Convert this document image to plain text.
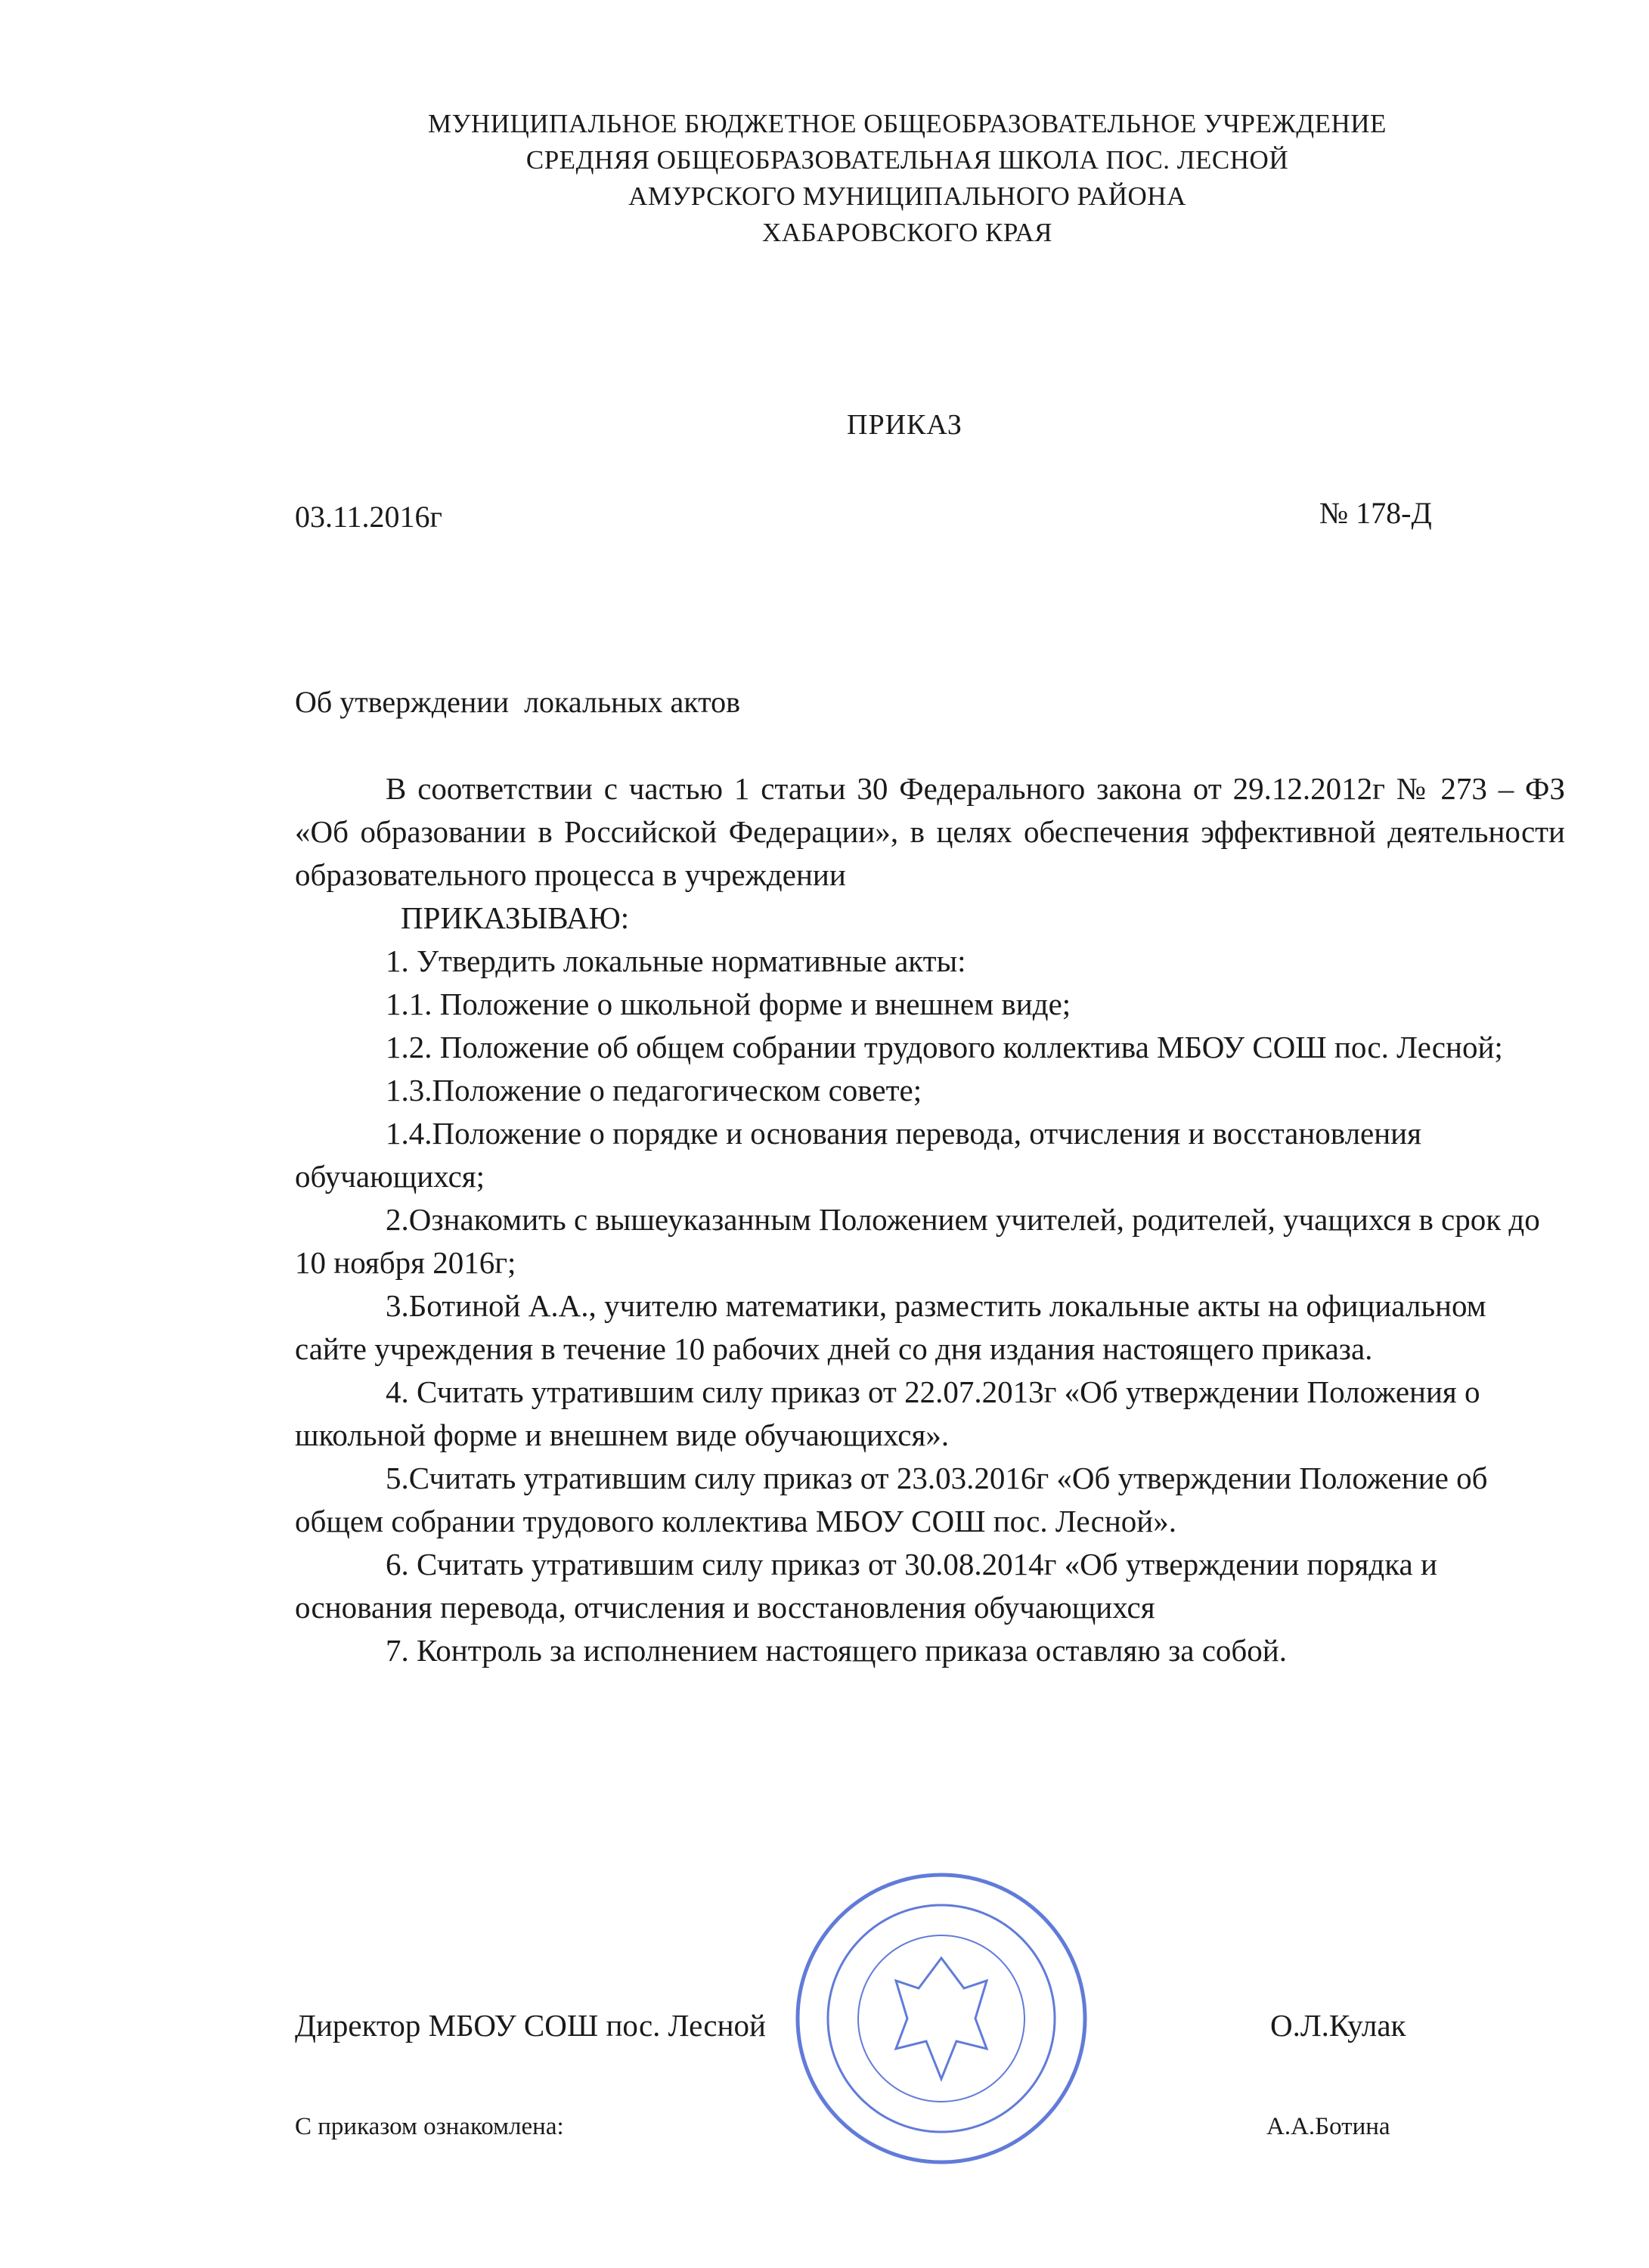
МУНИЦИПАЛЬНОЕ БЮДЖЕТНОЕ ОБЩЕОБРАЗОВАТЕЛЬНОЕ УЧРЕЖДЕНИЕ
СРЕДНЯЯ ОБЩЕОБРАЗОВАТЕЛЬНАЯ ШКОЛА ПОС. ЛЕСНОЙ
АМУРСКОГО МУНИЦИПАЛЬНОГО РАЙОНА
ХАБАРОВСКОГО КРАЯ
ПРИКАЗ
03.11.2016г	№ 178-Д
Об утверждении  локальных актов

В соответствии с частью 1 статьи 30 Федерального закона от 29.12.2012г № 273 – ФЗ «Об образовании в Российской Федерации», в целях обеспечения эффективной деятельности образовательного процесса в учреждении

ПРИКАЗЫВАЮ:

1. Утвердить локальные нормативные акты:

1.1. Положение о школьной форме и внешнем виде;

1.2. Положение об общем собрании трудового коллектива МБОУ СОШ пос. Лесной;

1.3.Положение о педагогическом совете;

1.4.Положение о порядке и основания перевода, отчисления и восстановления обучающихся;

2.Ознакомить с вышеуказанным Положением учителей, родителей, учащихся в срок до 10 ноября 2016г;

3.Ботиной А.А., учителю математики, разместить локальные акты на официальном сайте учреждения в течение 10 рабочих дней со дня издания настоящего приказа.

4. Считать утратившим силу приказ от 22.07.2013г «Об утверждении Положения о школьной форме и внешнем виде обучающихся».

5.Считать утратившим силу приказ от 23.03.2016г «Об утверждении Положение об общем собрании трудового коллектива МБОУ СОШ пос. Лесной».

6. Считать утратившим силу приказ от 30.08.2014г «Об утверждении порядка и основания перевода, отчисления и восстановления обучающихся

7. Контроль за исполнением настоящего приказа оставляю за собой.

Директор МБОУ СОШ пос. Лесной	О.Л.Кулак
С приказом ознакомлена:	А.А.Ботина
